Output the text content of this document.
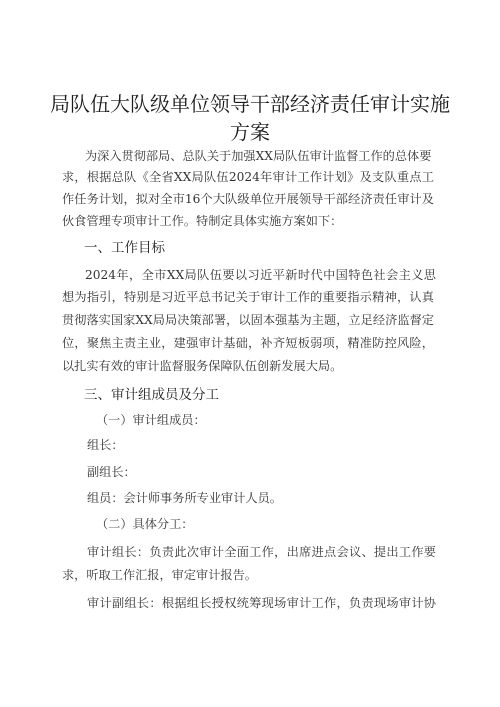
局队伍大队级单位领导干部经济责任审计实施
方案
为深入贯彻部局、总队关于加强XX局队伍审计监督工作的总体要
求，根据总队《全省XX局队伍2024年审计工作计划》及支队重点工
作任务计划，拟对全市16个大队级单位开展领导干部经济责任审计及
伙食管理专项审计工作。特制定具体实施方案如下：
一、工作目标
2024年，全市XX局队伍要以习近平新时代中国特色社会主义思
想为指引，特别是习近平总书记关于审计工作的重要指示精神，认真
贯彻落实国家XX局局决策部署，以固本强基为主题，立足经济监督定
位，聚焦主责主业，建强审计基础，补齐短板弱项，精准防控风险，
以扎实有效的审计监督服务保障队伍创新发展大局。
三、审计组成员及分工
（一）审计组成员：
组长：
副组长：
组员：会计师事务所专业审计人员。
（二）具体分工：
审计组长：负责此次审计全面工作，出席进点会议、提出工作要
求，听取工作汇报，审定审计报告。
审计副组长：根据组长授权统筹现场审计工作，负责现场审计协
